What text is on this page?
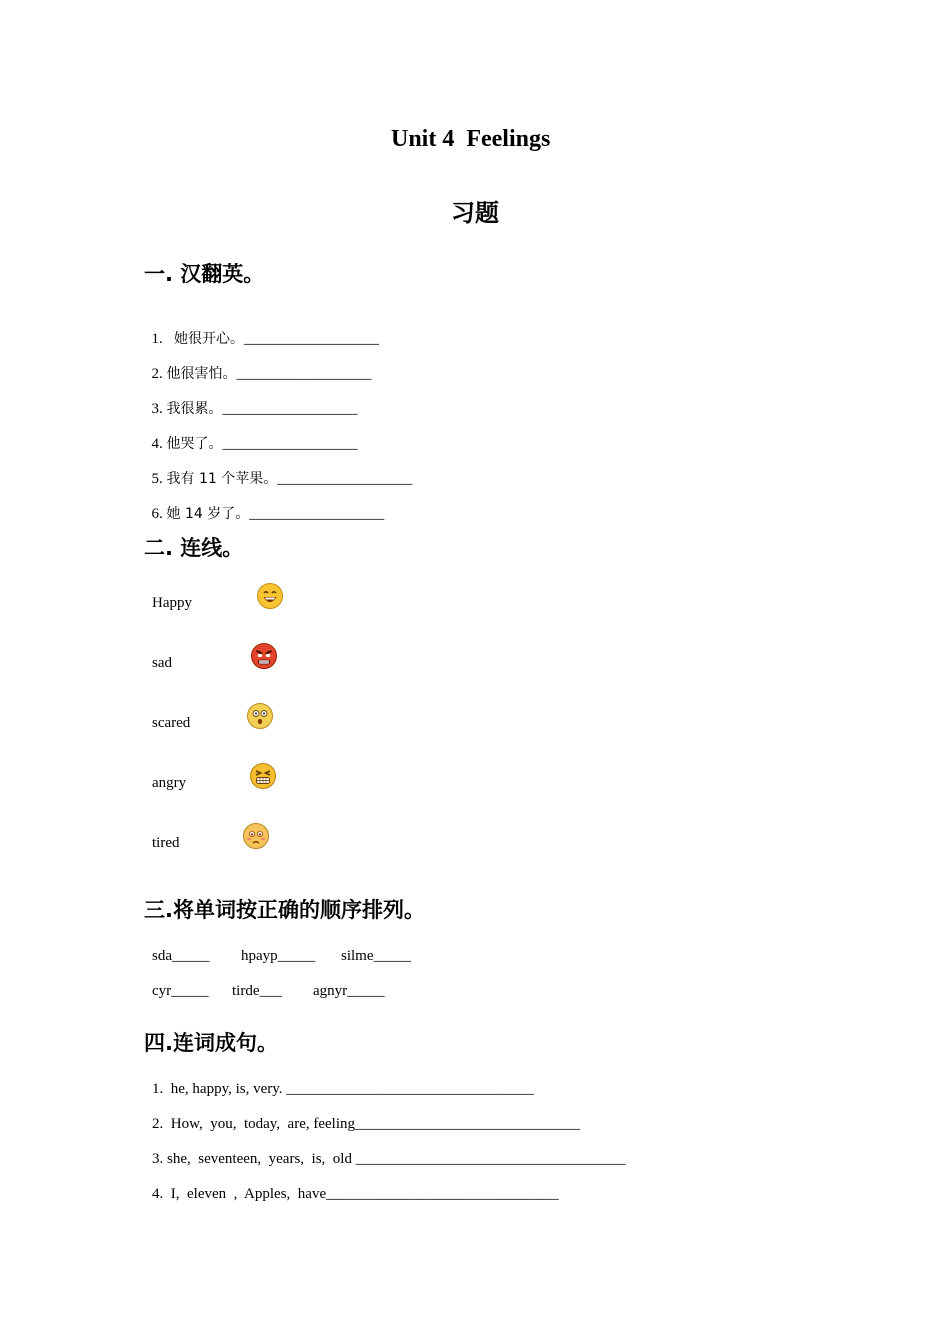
Unit 4  Feelings
习题
一. 汉翻英。

1.   她很开心。__________________

2. 他很害怕。__________________

3. 我很累。__________________

4. 他哭了。__________________

5. 我有 11 个苹果。__________________

6. 她 14 岁了。__________________

二. 连线。
Happy
sad
scared
angry
tired
三.将单词按正确的顺序排列。
sda_____ hpayp_____ silme_____
cyr_____ tirde___ agnyr_____
四.连词成句。
1.  he, happy, is, very. _________________________________
2.  How,  you,  today,  are, feeling______________________________
3. she,  seventeen,  years,  is,  old ____________________________________
4.  I,  eleven  ,  Apples,  have_______________________________
